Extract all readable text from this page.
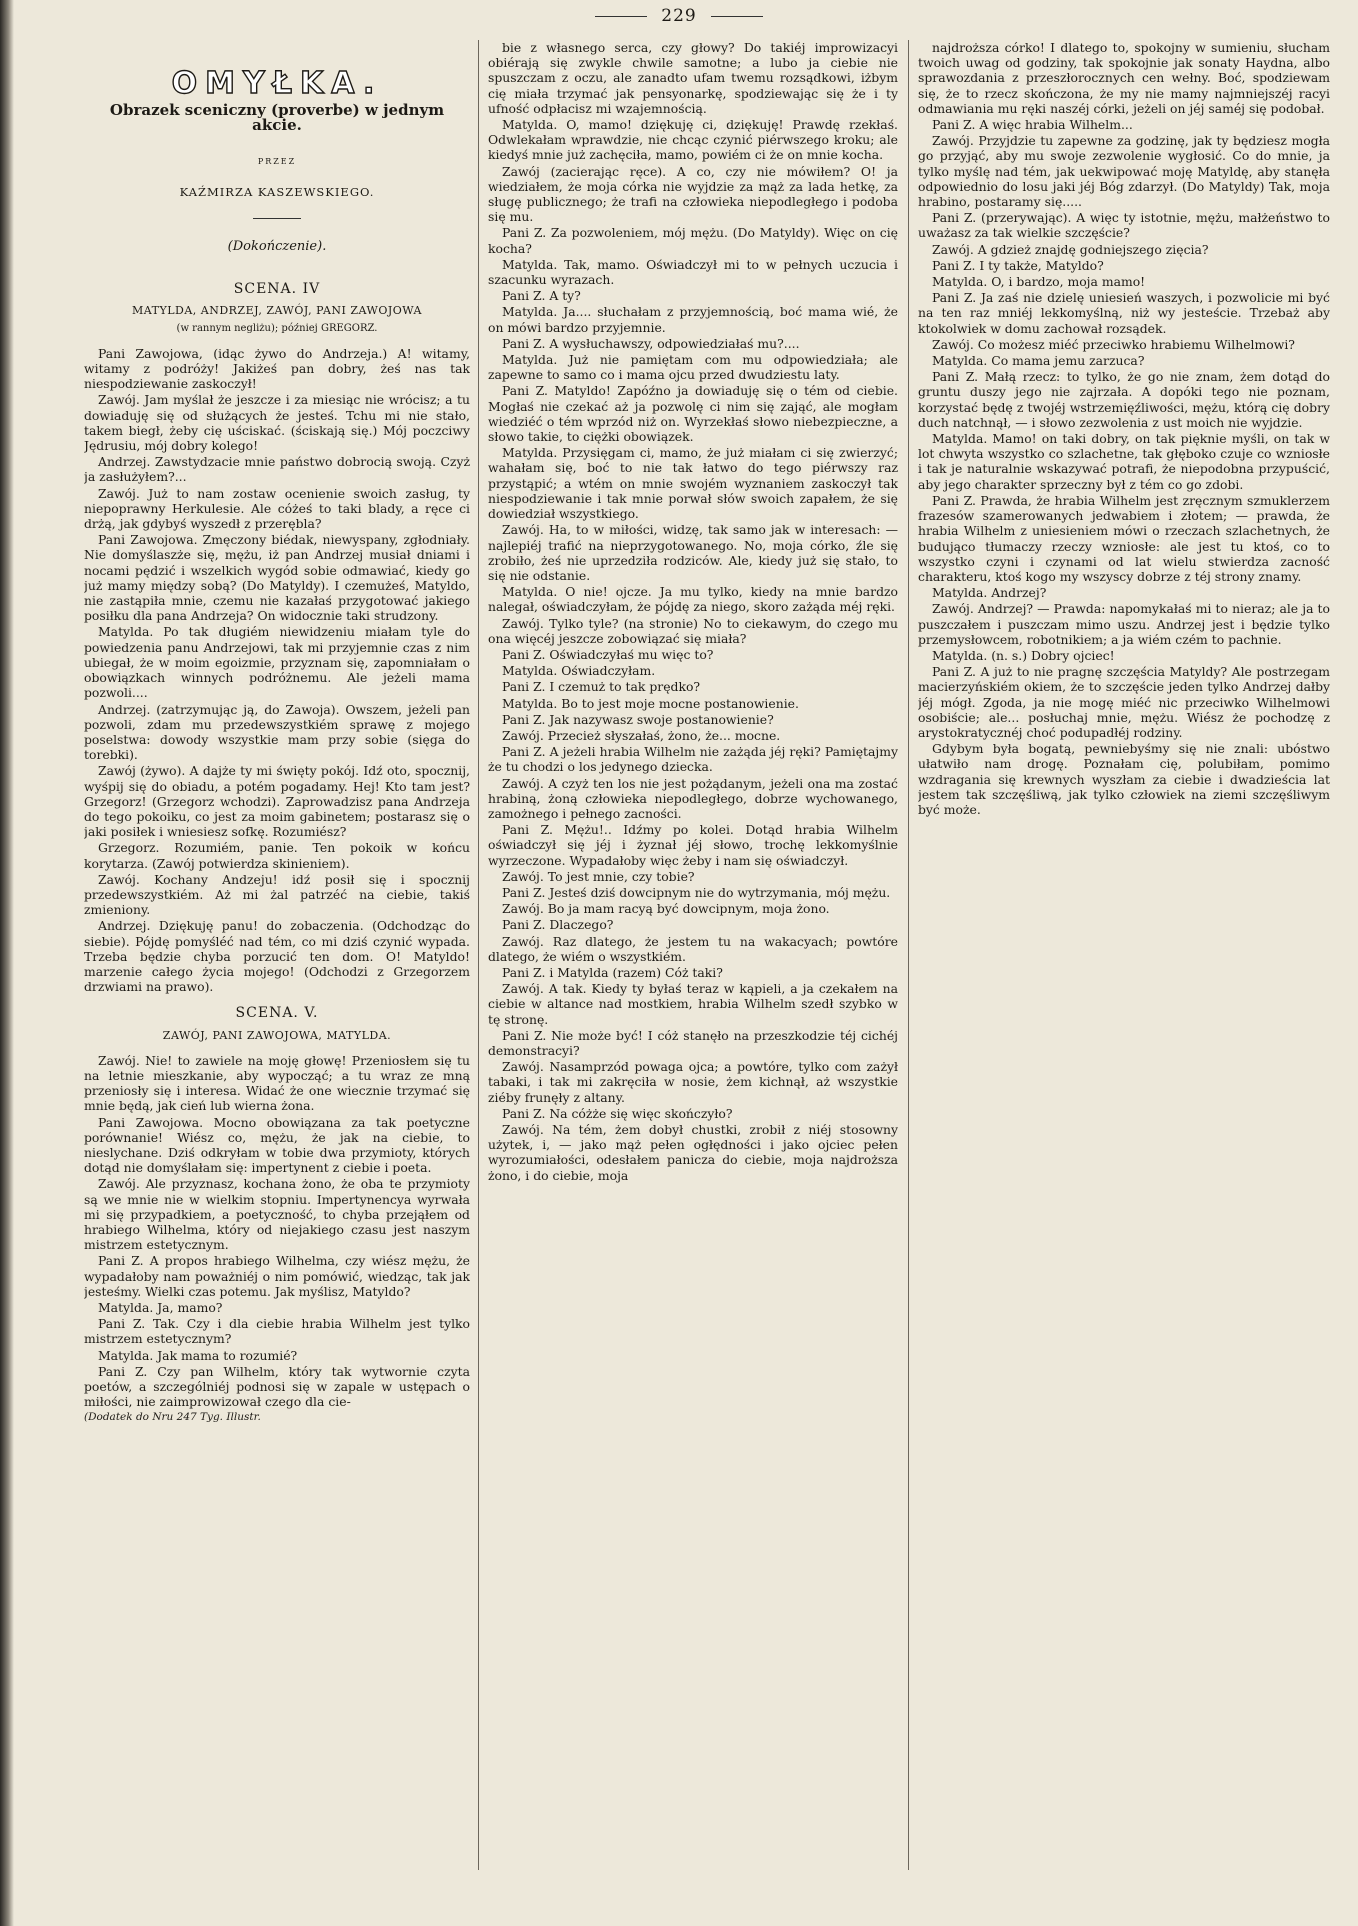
229
OMYŁKA.
Obrazek sceniczny (proverbe) w jednym akcie.
PRZEZ
KAŹMIRZA KASZEWSKIEGO.
(Dokończenie).
SCENA. IV
MATYLDA, ANDRZEJ, ZAWÓJ, PANI ZAWOJOWA
(w rannym negliżu); później GREGORZ.

Pani Zawojowa, (idąc żywo do Andrzeja.) A! witamy, witamy z podróży! Jakiżeś pan dobry, żeś nas tak niespodziewanie zaskoczył!

Zawój. Jam myślał że jeszcze i za miesiąc nie wrócisz; a tu dowiaduję się od służących że jesteś. Tchu mi nie stało, takem biegł, żeby cię uściskać. (ściskają się.) Mój poczciwy Jędrusiu, mój dobry kolego!

Andrzej. Zawstydzacie mnie państwo dobrocią swoją. Czyż ja zasłużyłem?...

Zawój. Już to nam zostaw ocenienie swoich zasług, ty niepoprawny Herkulesie. Ale cóżeś to taki blady, a ręce ci drżą, jak gdybyś wyszedł z przerębla?

Pani Zawojowa. Zmęczony biédak, niewyspany, zgłodniały. Nie domyślaszże się, mężu, iż pan Andrzej musiał dniami i nocami pędzić i wszelkich wygód sobie odmawiać, kiedy go już mamy między sobą? (Do Matyldy). I czemużeś, Matyldo, nie zastąpiła mnie, czemu nie kazałaś przygotować jakiego posiłku dla pana Andrzeja? On widocznie taki strudzony.

Matylda. Po tak długiém niewidzeniu miałam tyle do powiedzenia panu Andrzejowi, tak mi przyjemnie czas z nim ubiegał, że w moim egoizmie, przyznam się, zapomniałam o obowiązkach winnych podróżnemu. Ale jeżeli mama pozwoli....

Andrzej. (zatrzymując ją, do Zawoja). Owszem, jeżeli pan pozwoli, zdam mu przedewszystkiém sprawę z mojego poselstwa: dowody wszystkie mam przy sobie (sięga do torebki).

Zawój (żywo). A dajże ty mi święty pokój. Idź oto, spocznij, wyśpij się do obiadu, a potém pogadamy. Hej! Kto tam jest? Grzegorz! (Grzegorz wchodzi). Zaprowadzisz pana Andrzeja do tego pokoiku, co jest za moim gabinetem; postarasz się o jaki posiłek i wniesiesz sofkę. Rozumiész?

Grzegorz. Rozumiém, panie. Ten pokoik w końcu korytarza. (Zawój potwierdza skinieniem).

Zawój. Kochany Andzeju! idź posił się i spocznij przedewszystkiém. Aż mi żal patrzéć na ciebie, takiś zmieniony.

Andrzej. Dziękuję panu! do zobaczenia. (Odchodząc do siebie). Pójdę pomyśléć nad tém, co mi dziś czynić wypada. Trzeba będzie chyba porzucić ten dom. O! Matyldo! marzenie całego życia mojego! (Odchodzi z Grzegorzem drzwiami na prawo).

SCENA. V.
ZAWÓJ, PANI ZAWOJOWA, MATYLDA.

Zawój. Nie! to zawiele na moję głowę! Przeniosłem się tu na letnie mieszkanie, aby wypocząć; a tu wraz ze mną przeniosły się i interesa. Widać że one wiecznie trzymać się mnie będą, jak cień lub wierna żona.

Pani Zawojowa. Mocno obowiązana za tak poetyczne porównanie! Wiész co, mężu, że jak na ciebie, to nieslychane. Dziś odkryłam w tobie dwa przymioty, których dotąd nie domyślałam się: impertynent z ciebie i poeta.

Zawój. Ale przyznasz, kochana żono, że oba te przymioty są we mnie nie w wielkim stopniu. Impertynencya wyrwała mi się przypadkiem, a poetyczność, to chyba przejąłem od hrabiego Wilhelma, który od niejakiego czasu jest naszym mistrzem estetycznym.

Pani Z. A propos hrabiego Wilhelma, czy wiész mężu, że wypadałoby nam poważniéj o nim pomówić, wiedząc, tak jak jesteśmy. Wielki czas potemu. Jak myślisz, Matyldo?

Matylda. Ja, mamo?

Pani Z. Tak. Czy i dla ciebie hrabia Wilhelm jest tylko mistrzem estetycznym?

Matylda. Jak mama to rozumié?

Pani Z. Czy pan Wilhelm, który tak wytwornie czyta poetów, a szczególniéj podnosi się w zapale w ustępach o miłości, nie zaimprowizował czego dla cie-

(Dodatek do Nru 247 Tyg. Illustr.

bie z własnego serca, czy głowy? Do takiéj improwizacyi obiérają się zwykle chwile samotne; a lubo ja ciebie nie spuszczam z oczu, ale zanadto ufam twemu rozsądkowi, iżbym cię miała trzymać jak pensyonarkę, spodziewając się że i ty ufność odpłacisz mi wzajemnością.

Matylda. O, mamo! dziękuję ci, dziękuję! Prawdę rzekłaś. Odwlekałam wprawdzie, nie chcąc czynić piérwszego kroku; ale kiedyś mnie już zachęciła, mamo, powiém ci że on mnie kocha.

Zawój (zacierając ręce). A co, czy nie mówiłem? O! ja wiedziałem, że moja córka nie wyjdzie za mąż za lada hetkę, za sługę publicznego; że trafi na człowieka niepodległego i podoba się mu.

Pani Z. Za pozwoleniem, mój mężu. (Do Matyldy). Więc on cię kocha?

Matylda. Tak, mamo. Oświadczył mi to w pełnych uczucia i szacunku wyrazach.

Pani Z. A ty?

Matylda. Ja.... słuchałam z przyjemnością, boć mama wié, że on mówi bardzo przyjemnie.

Pani Z. A wysłuchawszy, odpowiedziałaś mu?....

Matylda. Już nie pamiętam com mu odpowiedziała; ale zapewne to samo co i mama ojcu przed dwudziestu laty.

Pani Z. Matyldo! Zapóźno ja dowiaduję się o tém od ciebie. Mogłaś nie czekać aż ja pozwolę ci nim się zająć, ale mogłam wiedziéć o tém wprzód niż on. Wyrzekłaś słowo niebezpieczne, a słowo takie, to ciężki obowiązek.

Matylda. Przysięgam ci, mamo, że już miałam ci się zwierzyć; wahałam się, boć to nie tak łatwo do tego piérwszy raz przystąpić; a wtém on mnie swojém wyznaniem zaskoczył tak niespodziewanie i tak mnie porwał słów swoich zapałem, że się dowiedział wszystkiego.

Zawój. Ha, to w miłości, widzę, tak samo jak w interesach: — najlepiéj trafić na nieprzygotowanego. No, moja córko, źle się zrobiło, żeś nie uprzedziła rodziców. Ale, kiedy już się stało, to się nie odstanie.

Matylda. O nie! ojcze. Ja mu tylko, kiedy na mnie bardzo nalegał, oświadczyłam, że pójdę za niego, skoro zażąda méj ręki.

Zawój. Tylko tyle? (na stronie) No to ciekawym, do czego mu ona więcéj jeszcze zobowiązać się miała?

Pani Z. Oświadczyłaś mu więc to?

Matylda. Oświadczyłam.

Pani Z. I czemuż to tak prędko?

Matylda. Bo to jest moje mocne postanowienie.

Pani Z. Jak nazywasz swoje postanowienie?

Zawój. Przecież słyszałaś, żono, że... mocne.

Pani Z. A jeżeli hrabia Wilhelm nie zażąda jéj ręki? Pamiętajmy że tu chodzi o los jedynego dziecka.

Zawój. A czyż ten los nie jest pożądanym, jeżeli ona ma zostać hrabiną, żoną człowieka niepodległego, dobrze wychowanego, zamożnego i pełnego zacności.

Pani Z. Mężu!.. Idźmy po kolei. Dotąd hrabia Wilhelm oświadczył się jéj i żyznał jéj słowo, trochę lekkomyślnie wyrzeczone. Wypadałoby więc żeby i nam się oświadczył.

Zawój. To jest mnie, czy tobie?

Pani Z. Jesteś dziś dowcipnym nie do wytrzymania, mój mężu.

Zawój. Bo ja mam racyą być dowcipnym, moja żono.

Pani Z. Dlaczego?

Zawój. Raz dlatego, że jestem tu na wakacyach; powtóre dlatego, że wiém o wszystkiém.

Pani Z. i Matylda (razem) Cóż taki?

Zawój. A tak. Kiedy ty byłaś teraz w kąpieli, a ja czekałem na ciebie w altance nad mostkiem, hrabia Wilhelm szedł szybko w tę stronę.

Pani Z. Nie może być! I cóż stanęło na przeszkodzie téj cichéj demonstracyi?

Zawój. Nasamprzód powaga ojca; a powtóre, tylko com zażył tabaki, i tak mi zakręciła w nosie, żem kichnął, aż wszystkie ziéby frunęły z altany.

Pani Z. Na cóżże się więc skończyło?

Zawój. Na tém, żem dobył chustki, zrobił z niéj stosowny użytek, i, — jako mąż pełen ogłędności i jako ojciec pełen wyrozumiałości, odesłałem panicza do ciebie, moja najdroższa żono, i do ciebie, moja

najdroższa córko! I dlatego to, spokojny w sumieniu, słucham twoich uwag od godziny, tak spokojnie jak sonaty Haydna, albo sprawozdania z przeszłorocznych cen wełny. Boć, spodziewam się, że to rzecz skończona, że my nie mamy najmniejszéj racyi odmawiania mu ręki naszéj córki, jeżeli on jéj saméj się podobał.

Pani Z. A więc hrabia Wilhelm...

Zawój. Przyjdzie tu zapewne za godzinę, jak ty będziesz mogła go przyjąć, aby mu swoje zezwolenie wygłosić. Co do mnie, ja tylko myślę nad tém, jak uekwipować moję Matyldę, aby stanęła odpowiednio do losu jaki jéj Bóg zdarzył. (Do Matyldy) Tak, moja hrabino, postaramy się.....

Pani Z. (przerywając). A więc ty istotnie, mężu, małżeństwo to uważasz za tak wielkie szczęście?

Zawój. A gdzież znajdę godniejszego zięcia?

Pani Z. I ty także, Matyldo?

Matylda. O, i bardzo, moja mamo!

Pani Z. Ja zaś nie dzielę uniesień waszych, i pozwolicie mi być na ten raz mniéj lekkomyślną, niż wy jesteście. Trzebaż aby ktokolwiek w domu zachował rozsądek.

Zawój. Co możesz miéć przeciwko hrabiemu Wilhelmowi?

Matylda. Co mama jemu zarzuca?

Pani Z. Małą rzecz: to tylko, że go nie znam, żem dotąd do gruntu duszy jego nie zajrzała. A dopóki tego nie poznam, korzystać będę z twojéj wstrzemięźliwości, mężu, którą cię dobry duch natchnął, — i słowo zezwolenia z ust moich nie wyjdzie.

Matylda. Mamo! on taki dobry, on tak pięknie myśli, on tak w lot chwyta wszystko co szlachetne, tak głęboko czuje co wzniosłe i tak je naturalnie wskazywać potrafi, że niepodobna przypuścić, aby jego charakter sprzeczny był z tém co go zdobi.

Pani Z. Prawda, że hrabia Wilhelm jest zręcznym szmuklerzem frazesów szamerowanych jedwabiem i złotem; — prawda, że hrabia Wilhelm z uniesieniem mówi o rzeczach szlachetnych, że budująco tłumaczy rzeczy wzniosłe: ale jest tu ktoś, co to wszystko czyni i czynami od lat wielu stwierdza zacność charakteru, ktoś kogo my wszyscy dobrze z téj strony znamy.

Matylda. Andrzej?

Zawój. Andrzej? — Prawda: napomykałaś mi to nieraz; ale ja to puszczałem i puszczam mimo uszu. Andrzej jest i będzie tylko przemysłowcem, robotnikiem; a ja wiém czém to pachnie.

Matylda. (n. s.) Dobry ojciec!

Pani Z. A już to nie pragnę szczęścia Matyldy? Ale postrzegam macierzyńskiém okiem, że to szczęście jeden tylko Andrzej dałby jéj mógł. Zgoda, ja nie mogę miéć nic przeciwko Wilhelmowi osobiście; ale... posłuchaj mnie, mężu. Wiész że pochodzę z arystokratycznéj choć podupadłéj rodziny.

Gdybym była bogatą, pewniebyśmy się nie znali: ubóstwo ułatwiło nam drogę. Poznałam cię, polubiłam, pomimo wzdragania się krewnych wyszłam za ciebie i dwadzieścia lat jestem tak szczęśliwą, jak tylko człowiek na ziemi szczęśliwym być może.
